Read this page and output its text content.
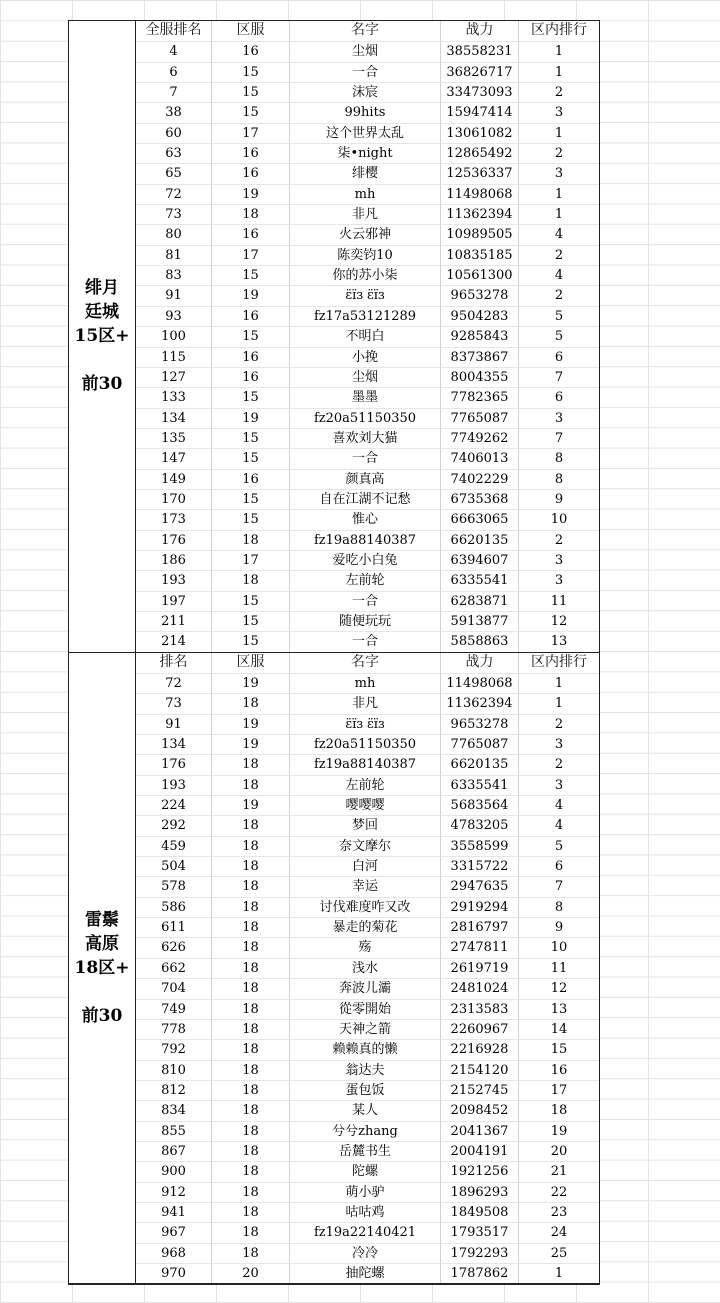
绯月
廷城
15区+

前30
全服排名	区服	名字	战力	区内排行
4	16	尘烟	38558231	1
6	15	一合	36826717	1
7	15	沫宸	33473093	2
38	15	99hits	15947414	3
60	17	这个世界太乱	13061082	1
63	16	柒•night	12865492	2
65	16	绯樱	12536337	3
72	19	mh	11498068	1
73	18	非凡	11362394	1
80	16	火云邪神	10989505	4
81	17	陈奕钧10	10835185	2
83	15	你的苏小柒	10561300	4
91	19	ɛ̈ɪ̈ɜ ɛ̈ɪ̈ɜ	9653278	2
93	16	fz17a53121289	9504283	5
100	15	不明白	9285843	5
115	16	小挽	8373867	6
127	16	尘烟	8004355	7
133	15	墨墨	7782365	6
134	19	fz20a51150350	7765087	3
135	15	喜欢刘大猫	7749262	7
147	15	一合	7406013	8
149	16	颜真高	7402229	8
170	15	自在江湖不记愁	6735368	9
173	15	惟心	6663065	10
176	18	fz19a88140387	6620135	2
186	17	爱吃小白兔	6394607	3
193	18	左前轮	6335541	3
197	15	一合	6283871	11
211	15	随便玩玩	5913877	12
214	15	一合	5858863	13
雷鬃
高原
18区+

前30
排名	区服	名字	战力	区内排行
72	19	mh	11498068	1
73	18	非凡	11362394	1
91	19	ɛ̈ɪ̈ɜ ɛ̈ɪ̈ɜ	9653278	2
134	19	fz20a51150350	7765087	3
176	18	fz19a88140387	6620135	2
193	18	左前轮	6335541	3
224	19	嘤嘤嘤	5683564	4
292	18	梦回	4783205	4
459	18	奈文摩尔	3558599	5
504	18	白河	3315722	6
578	18	幸运	2947635	7
586	18	讨伐难度咋又改	2919294	8
611	18	暴走的菊花	2816797	9
626	18	殇	2747811	10
662	18	浅水	2619719	11
704	18	奔波儿灞	2481024	12
749	18	從零開始	2313583	13
778	18	天神之箭	2260967	14
792	18	赖赖真的懒	2216928	15
810	18	翁达夫	2154120	16
812	18	蛋包饭	2152745	17
834	18	某人	2098452	18
855	18	兮兮zhang	2041367	19
867	18	岳麓书生	2004191	20
900	18	陀螺	1921256	21
912	18	萌小驴	1896293	22
941	18	咕咕鸡	1849508	23
967	18	fz19a22140421	1793517	24
968	18	冷冷	1792293	25
970	20	抽陀螺	1787862	1
